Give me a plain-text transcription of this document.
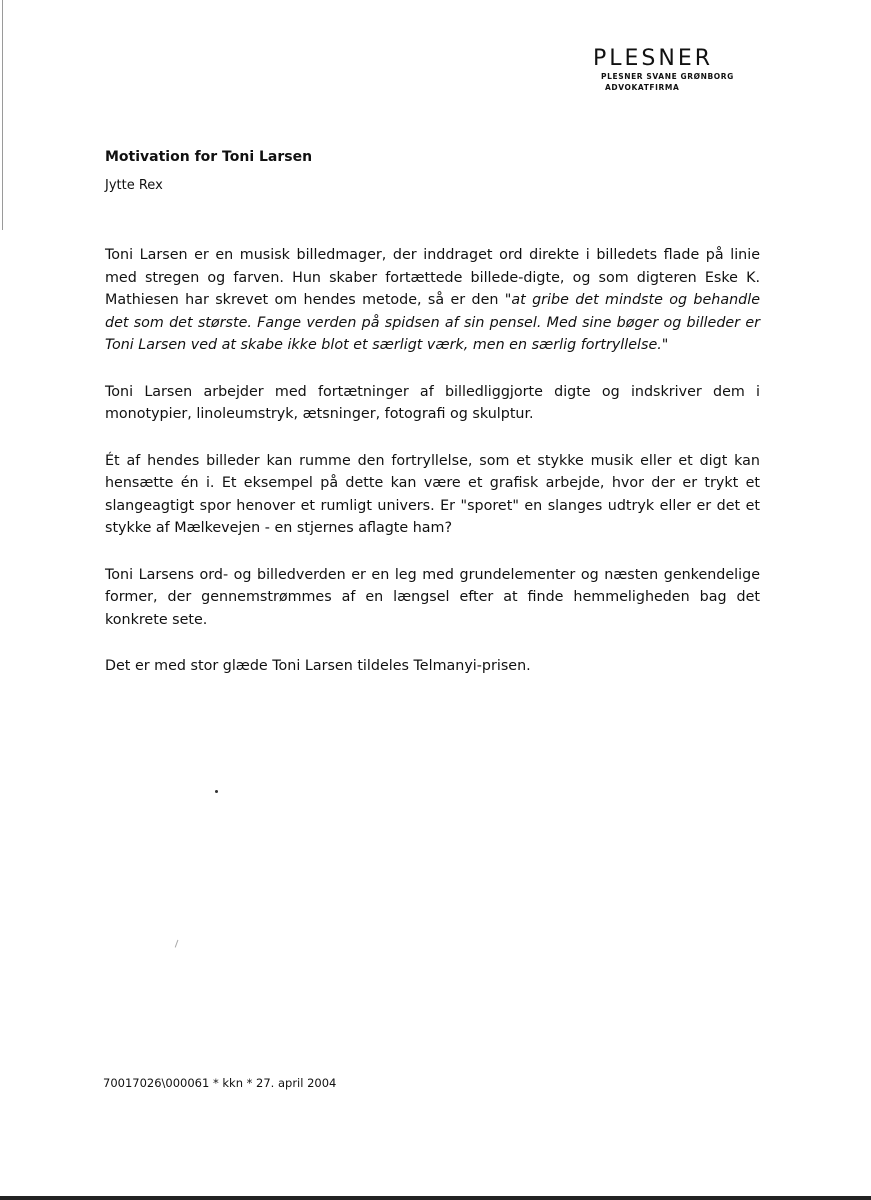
PLESNER
PLESNER SVANE GRØNBORG
ADVOKATFIRMA
Motivation for Toni Larsen
Jytte Rex

Toni Larsen er en musisk billedmager, der inddraget ord direkte i billedets flade på linie med stregen og farven. Hun skaber fortættede billede-digte, og som digteren Eske K. Mathiesen har skrevet om hendes metode, så er den "at gribe det mindste og behandle det som det største. Fange verden på spidsen af sin pensel. Med sine bøger og billeder er Toni Larsen ved at skabe ikke blot et særligt værk, men en særlig fortryllelse."

Toni Larsen arbejder med fortætninger af billedliggjorte digte og indskriver dem i monotypier, linoleumstryk, ætsninger, fotografi og skulptur.

Ét af hendes billeder kan rumme den fortryllelse, som et stykke musik eller et digt kan hensætte én i. Et eksempel på dette kan være et grafisk arbejde, hvor der er trykt et slangeagtigt spor henover et rumligt univers. Er "sporet" en slanges udtryk eller er det et stykke af Mælkevejen - en stjernes aflagte ham?

Toni Larsens ord- og billedverden er en leg med grundelementer og næsten genkendelige former, der gennemstrømmes af en længsel efter at finde hemmeligheden bag det konkrete sete.

Det er med stor glæde Toni Larsen tildeles Telmanyi-prisen.

70017026\000061 * kkn * 27. april 2004
